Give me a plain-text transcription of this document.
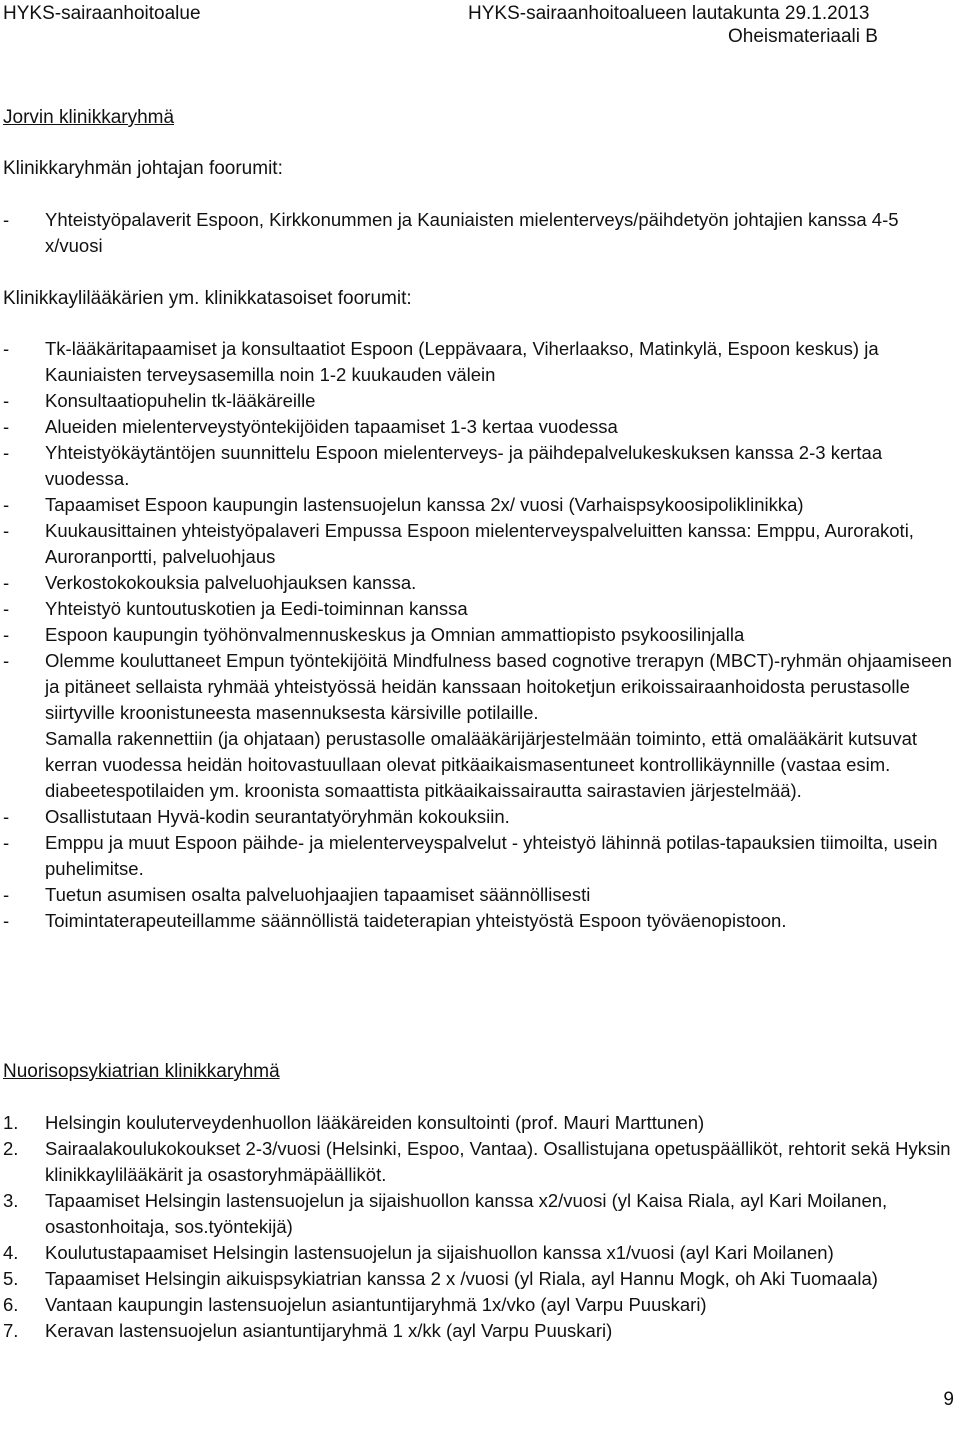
HYKS-sairaanhoitoalue	HYKS-sairaanhoitoalueen lautakunta 29.1.2013
Oheismateriaali B
Jorvin klinikkaryhmä
Klinikkaryhmän johtajan foorumit:
- Yhteistyöpalaverit Espoon, Kirkkonummen ja Kauniaisten mielenterveys/päihdetyön johtajien kanssa 4-5 x/vuosi
Klinikkaylilääkärien ym. klinikkatasoiset foorumit:
- Tk-lääkäritapaamiset ja konsultaatiot Espoon (Leppävaara, Viherlaakso, Matinkylä, Espoon keskus) ja Kauniaisten terveysasemilla noin 1-2 kuukauden välein
- Konsultaatiopuhelin tk-lääkäreille
- Alueiden mielenterveystyöntekijöiden tapaamiset 1-3 kertaa vuodessa
- Yhteistyökäytäntöjen suunnittelu Espoon mielenterveys- ja päihdepalvelukeskuksen kanssa 2-3 kertaa vuodessa.
- Tapaamiset Espoon kaupungin lastensuojelun kanssa 2x/ vuosi (Varhaispsykoosipoliklinikka)
- Kuukausittainen yhteistyöpalaveri Empussa Espoon mielenterveyspalveluitten kanssa: Emppu, Aurorakoti, Auroranportti, palveluohjaus
- Verkostokokouksia palveluohjauksen kanssa.
- Yhteistyö kuntoutuskotien ja Eedi-toiminnan kanssa
- Espoon kaupungin työhönvalmennuskeskus ja Omnian ammattiopisto psykoosilinjalla
- Olemme kouluttaneet Empun työntekijöitä Mindfulness based cognotive trerapyn (MBCT)-ryhmän ohjaamiseen ja pitäneet sellaista ryhmää yhteistyössä heidän kanssaan hoitoketjun erikoissairaanhoidosta perustasolle siirtyville kroonistuneesta masennuksesta kärsiville potilaille.
Samalla rakennettiin (ja ohjataan) perustasolle omalääkärijärjestelmään toiminto, että omalääkärit kutsuvat kerran vuodessa heidän hoitovastuullaan olevat pitkäaikaismasentuneet kontrollikäynnille (vastaa esim. diabeetespotilaiden ym. kroonista somaattista pitkäaikaissairautta sairastavien järjestelmää).
- Osallistutaan Hyvä-kodin seurantatyöryhmän kokouksiin.
- Emppu ja muut Espoon päihde- ja mielenterveyspalvelut - yhteistyö lähinnä potilas-tapauksien tiimoilta, usein puhelimitse.
- Tuetun asumisen osalta palveluohjaajien tapaamiset säännöllisesti
- Toimintaterapeuteillamme säännöllistä taideterapian yhteistyöstä Espoon työväenopistoon.
Nuorisopsykiatrian klinikkaryhmä
1. Helsingin kouluterveydenhuollon lääkäreiden konsultointi (prof. Mauri Marttunen)
2. Sairaalakoulukokoukset 2-3/vuosi (Helsinki, Espoo, Vantaa). Osallistujana opetuspäälliköt, rehtorit sekä Hyksin klinikkaylilääkärit ja osastoryhmäpäälliköt.
3. Tapaamiset Helsingin lastensuojelun ja sijaishuollon kanssa x2/vuosi (yl Kaisa Riala, ayl Kari Moilanen, osastonhoitaja, sos.työntekijä)
4. Koulutustapaamiset Helsingin lastensuojelun ja sijaishuollon kanssa x1/vuosi (ayl Kari Moilanen)
5. Tapaamiset Helsingin aikuispsykiatrian kanssa 2 x /vuosi (yl Riala, ayl Hannu Mogk, oh Aki Tuomaala)
6. Vantaan kaupungin lastensuojelun asiantuntijaryhmä 1x/vko (ayl Varpu Puuskari)
7. Keravan lastensuojelun asiantuntijaryhmä 1 x/kk (ayl Varpu Puuskari)
9
